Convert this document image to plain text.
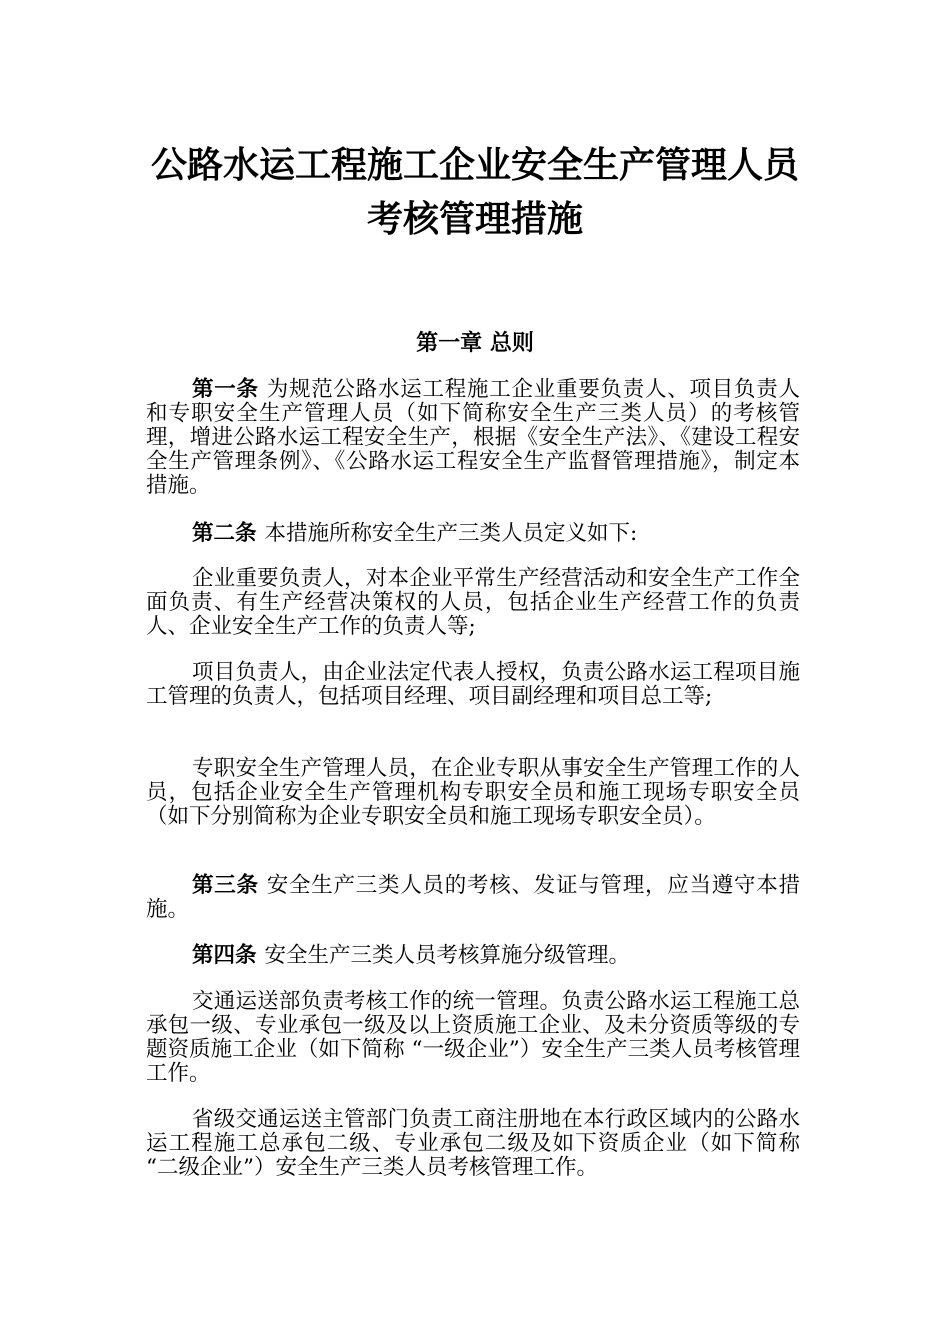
公路水运工程施工企业安全生产管理人员
考核管理措施
第一章 总则

第一条 为规范公路水运工程施工企业重要负责人、项目负责人和专职安全生产管理人员（如下简称安全生产三类人员）的考核管理，增进公路水运工程安全生产，根据《安全生产法》、《建设工程安全生产管理条例》、《公路水运工程安全生产监督管理措施》，制定本措施。

第二条 本措施所称安全生产三类人员定义如下:

企业重要负责人，对本企业平常生产经营活动和安全生产工作全面负责、有生产经营决策权的人员，包括企业生产经营工作的负责人、企业安全生产工作的负责人等;

项目负责人，由企业法定代表人授权，负责公路水运工程项目施工管理的负责人，包括项目经理、项目副经理和项目总工等;

专职安全生产管理人员，在企业专职从事安全生产管理工作的人员，包括企业安全生产管理机构专职安全员和施工现场专职安全员（如下分别简称为企业专职安全员和施工现场专职安全员）。

第三条 安全生产三类人员的考核、发证与管理，应当遵守本措施。

第四条 安全生产三类人员考核算施分级管理。

交通运送部负责考核工作的统一管理。负责公路水运工程施工总承包一级、专业承包一级及以上资质施工企业、及未分资质等级的专题资质施工企业（如下简称 “一级企业”）安全生产三类人员考核管理工作。

省级交通运送主管部门负责工商注册地在本行政区域内的公路水运工程施工总承包二级、专业承包二级及如下资质企业（如下简称 “二级企业”）安全生产三类人员考核管理工作。
